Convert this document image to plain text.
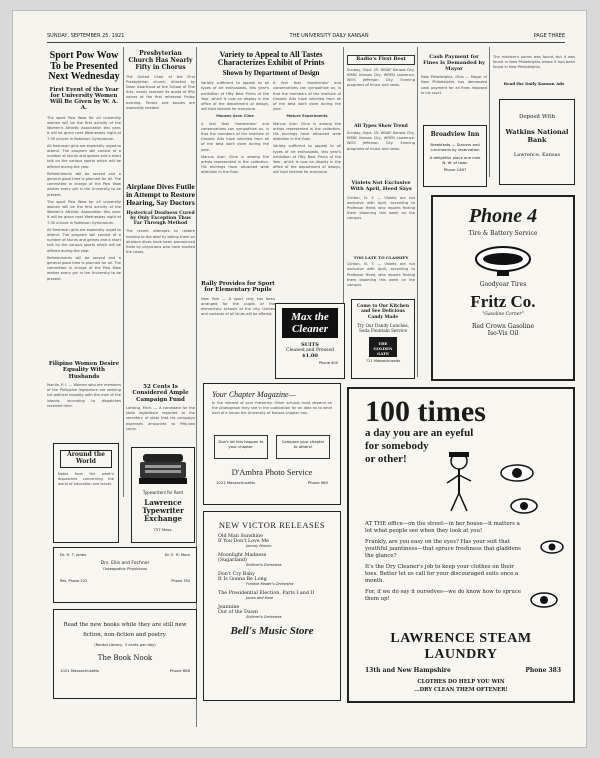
SUNDAY, SEPTEMBER 25, 1921	THE UNIVERSITY DAILY KANSAN	PAGE THREE
Sport Pow Wow To be Presented Next Wednesday
First Event of the Year for University Women Will Be Given by W. A. A.

The sport Pow Wow for all university women will be the first activity of the Women's Athletic Association this year. It will be given next Wednesday night at 7:30 o'clock in Robinson Gymnasium.

All freshman girls are especially urged to attend. The program will consist of a number of stunts and games and a short talk on the various sports which will be offered during the year.

Refreshments will be served and a general good time is planned for all. The committee in charge of the Pow Wow wishes every girl in the University to be present.

The sport Pow Wow for all university women will be the first activity of the Women's Athletic Association this year. It will be given next Wednesday night at 7:30 o'clock in Robinson Gymnasium.

All freshman girls are especially urged to attend. The program will consist of a number of stunts and games and a short talk on the various sports which will be offered during the year.

Refreshments will be served and a general good time is planned for all. The committee in charge of the Pow Wow wishes every girl in the University to be present.

Filipino Women Desire Equality With Husbands
Manila, P. I. — Women who are members of the Philippine legislature are seeking full political equality with the men of the islands, according to dispatches received here.
Around the World
Notes from the week's dispatches concerning the world of education and travel.
Dr. H. T. Jones	Dr. E. R. Mars
Drs. Ellis and Fechner
Osteopathic Physicians
Res. Phone 203	Phone 350
Read the new books while they are still new
fiction, non-fiction and poetry.
(Rental Library, 3 cents per day)
The Book Nook
1021 Massachusetts	Phone 666
Presbyterian Church Has Nearly Fifty in Chorus
The United Choir of the First Presbyterian church, directed by Dean Swarthout of the School of Fine Arts, nearly reached its quota of fifty voices at the first rehearsal Friday evening. Tenors and basses are especially needed.
Airplane Dives Futile in Attempt to Restore Hearing, Say Doctors
Hysterical Deafness Cured by Only Exception Thus Far Through Method
The recent attempts to restore hearing to the deaf by taking them on airplane dives have been pronounced futile by physicians who have studied the cases.
52 Cents Is Considered Ample Campaign Fund
Lansing, Mich. — A candidate for the state legislature reported to the secretary of state that his campaign expenses amounted to fifty-two cents.
Typewriters for Rent
Lawrence Typewriter Exchange
737 Mass.
Variety to Appeal to All Tastes Characterizes Exhibit of Prints
Shown by Department of Design

Variety sufficient to appeal to all types of art enthusiasts, this year's exhibition of Fifty Best Prints of the Year, which is now on display in the office of the department of design, will hold interest for everyone.

Mauzey Aron Cline

A fact that 'modernists' and conservatives can sympathize on, is that the members of the Institute of Graphic Arts have selected from all of the best work done during the year.

Marcus Aron Cline is among the artists represented in the collection. His etchings have attracted wide attention in the East.

A fact that 'modernists' and conservatives can sympathize on, is that the members of the Institute of Graphic Arts have selected from all of the best work done during the year.

Mature Experiments

Marcus Aron Cline is among the artists represented in the collection. His etchings have attracted wide attention in the East.

Variety sufficient to appeal to all types of art enthusiasts, this year's exhibition of Fifty Best Prints of the Year, which is now on display in the office of the department of design, will hold interest for everyone.

Rally Provides for Sport for Elementary Pupils
New York — A sport rally has been arranged for the pupils of the elementary schools of the city. Games and contests of all kinds will be offered.
Your Chapter Magazine—
In the interest of your fraternity. Other schools must depend on the photograph they see in the publication for an idea as to what kind of a house the University of Kansas chapter has.
Don't let this happen to your chapter.
Compare your chapter to others!
D'Ambra Photo Service
1021 Massachusetts	Phone 960
NEW VICTOR RELEASES
Old Man Sunshine
If You Don't Love Me
Johnny Marvin
Moonlight Madness
(Sugarland)
Shilkret's Orchestra
Don't Cry Baby
It Is Gonna Be Long
Frankie Mader's Orchestra
The Presidential Election, Parts I and II
Jones and Hare
Jeannine
Out of the Dawn
Shilkret's Orchestra
Bell's Music Store
Radio's First Best
Sunday, Sept. 25. WDAF Kansas City, KMBC Kansas City, WREN Lawrence, WOS Jefferson City. Evening programs of music and news.
All Types Show Trend
Sunday, Sept. 25. WDAF Kansas City, KMBC Kansas City, WREN Lawrence, WOS Jefferson City. Evening programs of music and news.
Violets Not Exclusive With April, Heed Says
Clinton, N. Y. — Violets are not exclusive with April, according to Professor Heed, who reports finding them blooming this week on the campus.
TOO LATE TO CLASSIFY
Clinton, N. Y. — Violets are not exclusive with April, according to Professor Heed, who reports finding them blooming this week on the campus.
Max the Cleaner
SUITS
Cleaned and Pressed
$1.00
Phone 400
Come to Our Kitchen and See Delicious Candy Made
Try Our Dandy Lunches, Soda Fountain Service
THE GOLDEN GATE
711 Massachusetts
Cash Payment for Fines Is Demanded by Mayor
New Philadelphia, Ohio — Mayor of New Philadelphia has demanded cash payment for all fines imposed in his court.
Broadview Inn
Breakfasts — Dinners and Luncheons by reservation
A delightful place one mile N. W. of town
Phone 1467
Phone 4
Tire & Battery Service
Goodyear Tires
Fritz Co.
"Gasoline Corner"
Red Crown Gasoline
Iso-Vis Oil
The minister's parrot was found, but it was found in New Philadelphia where it had been found in New Philadelphia.
Read the Daily Kansan Ads
Deposit With
Watkins National Bank
Lawrence, Kansas
100 times
a day you are an eyeful
for somebody
or other!
AT THE office—on the street—in her house—it matters a lot what people see when they look at you!
Frankly, are you easy on the eyes? Has your suit that youthful jauntiness—that spruce freshness that gladdens the glance?
It's the Dry Cleaner's job to keep your clothes on their toes. Better let us call for your discouraged suits once a month.
For, if we do say it ourselves—we do know how to spruce them up!
LAWRENCE STEAM
LAUNDRY
13th and New Hampshire	Phone 383
CLOTHES DO HELP YOU WIN
...DRY CLEAN THEM OFTENER!
